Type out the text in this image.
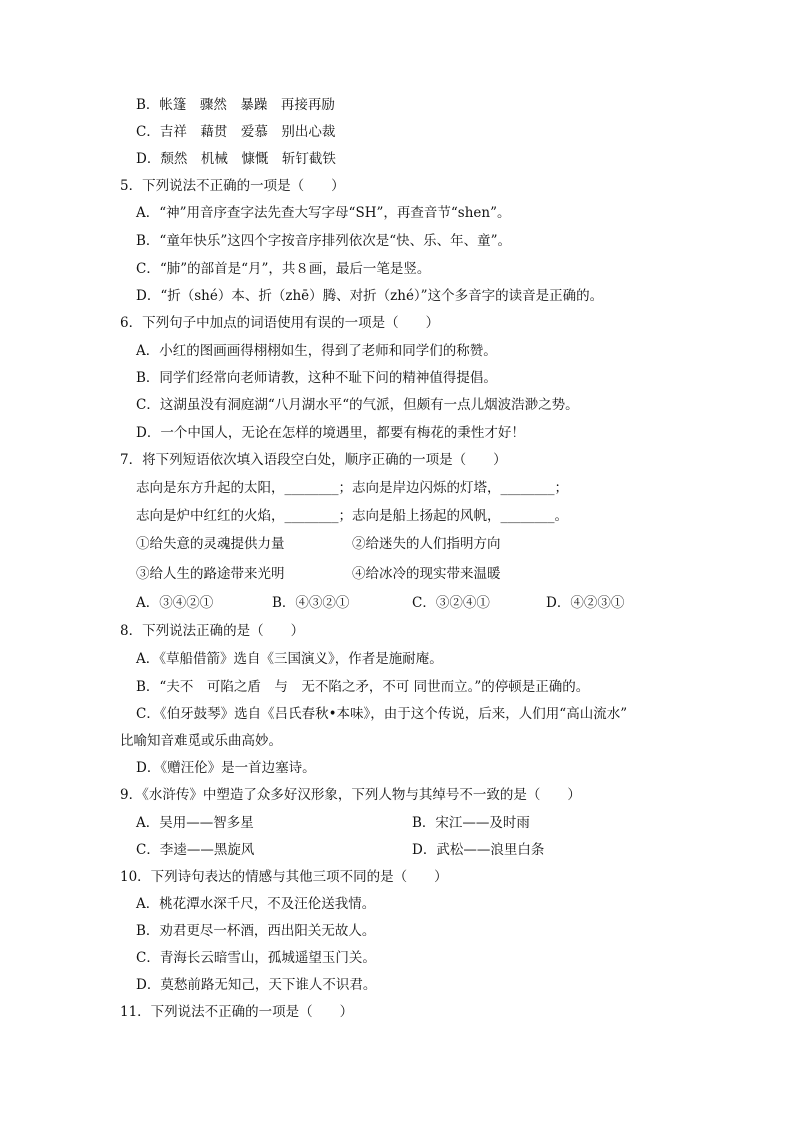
B．帐篷　骤然　暴躁　再接再励
C．吉祥　藉贯　爱慕　别出心裁
D．颓然　机械　慷慨　斩钉截铁
5．下列说法不正确的一项是（　　）
A．“神”用音序查字法先查大写字母“SH”，再查音节“shen”。
B．“童年快乐”这四个字按音序排列依次是“快、乐、年、童”。
C．“肺”的部首是“月”，共８画，最后一笔是竖。
D．“折（shé）本、折（zhē）腾、对折（zhé）”这个多音字的读音是正确的。
6．下列句子中加点的词语使用有误的一项是（　　）
A．小红的图画画得栩栩如生，得到了老师和同学们的称赞。
B．同学们经常向老师请教，这种不耻下问的精神值得提倡。
C．这湖虽没有洞庭湖“八月湖水平“的气派，但颇有一点儿烟波浩渺之势。
D．一个中国人，无论在怎样的境遇里，都要有梅花的秉性才好！
7．将下列短语依次填入语段空白处，顺序正确的一项是（　　）
志向是东方升起的太阳，________；志向是岸边闪烁的灯塔，________；
志向是炉中红红的火焰，________；志向是船上扬起的风帆，________。
①给失意的灵魂提供力量	②给迷失的人们指明方向
③给人生的路途带来光明	④给冰冷的现实带来温暖
A．③④②①	B．④③②①	C．③②④①	D．④②③①
8．下列说法正确的是（　　）
A．《草船借箭》选自《三国演义》，作者是施耐庵。
B．“夫不　可陷之盾　与　无不陷之矛，不可 同世而立。”的停顿是正确的。
C．《伯牙鼓琴》选自《吕氏春秋•本味》，由于这个传说，后来，人们用“高山流水”
比喻知音难觅或乐曲高妙。
D．《赠汪伦》是一首边塞诗。
9．《水浒传》中塑造了众多好汉形象，下列人物与其绰号不一致的是（　　）
A．吴用——智多星	B．宋江——及时雨
C．李逵——黑旋风	D．武松——浪里白条
10．下列诗句表达的情感与其他三项不同的是（　　）
A．桃花潭水深千尺，不及汪伦送我情。
B．劝君更尽一杯酒，西出阳关无故人。
C．青海长云暗雪山，孤城遥望玉门关。
D．莫愁前路无知己，天下谁人不识君。
11．下列说法不正确的一项是（　　）
